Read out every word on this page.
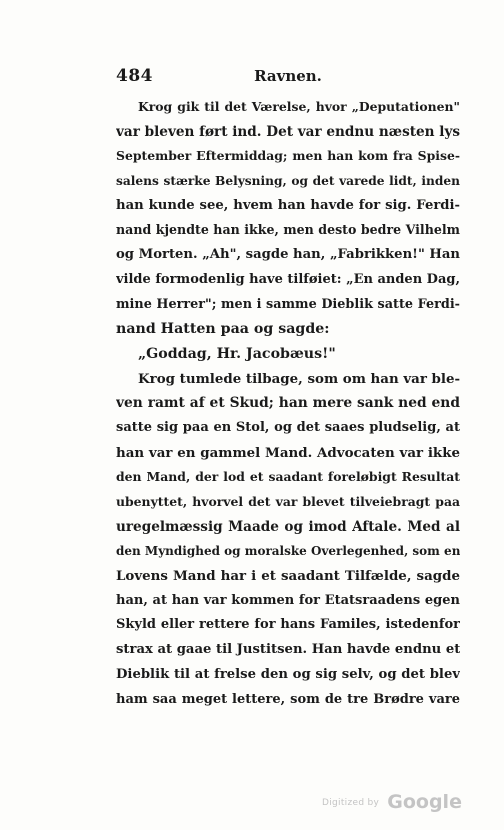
484	Ravnen.
Krog gik til det Værelse, hvor „Deputationen"
var bleven ført ind. Det var endnu næsten lys
September Eftermiddag; men han kom fra Spise-
salens stærke Belysning, og det varede lidt, inden
han kunde see, hvem han havde for sig. Ferdi-
nand kjendte han ikke, men desto bedre Vilhelm
og Morten. „Ah", sagde han, „Fabrikken!" Han
vilde formodenlig have tilføiet: „En anden Dag,
mine Herrer"; men i samme Dieblik satte Ferdi-
nand Hatten paa og sagde:
„Goddag, Hr. Jacobæus!"
Krog tumlede tilbage, som om han var ble-
ven ramt af et Skud; han mere sank ned end
satte sig paa en Stol, og det saaes pludselig, at
han var en gammel Mand. Advocaten var ikke
den Mand, der lod et saadant foreløbigt Resultat
ubenyttet, hvorvel det var blevet tilveiebragt paa
uregelmæssig Maade og imod Aftale. Med al
den Myndighed og moralske Overlegenhed, som en
Lovens Mand har i et saadant Tilfælde, sagde
han, at han var kommen for Etatsraadens egen
Skyld eller rettere for hans Familes, istedenfor
strax at gaae til Justitsen. Han havde endnu et
Dieblik til at frelse den og sig selv, og det blev
ham saa meget lettere, som de tre Brødre vare
Digitized by Google
